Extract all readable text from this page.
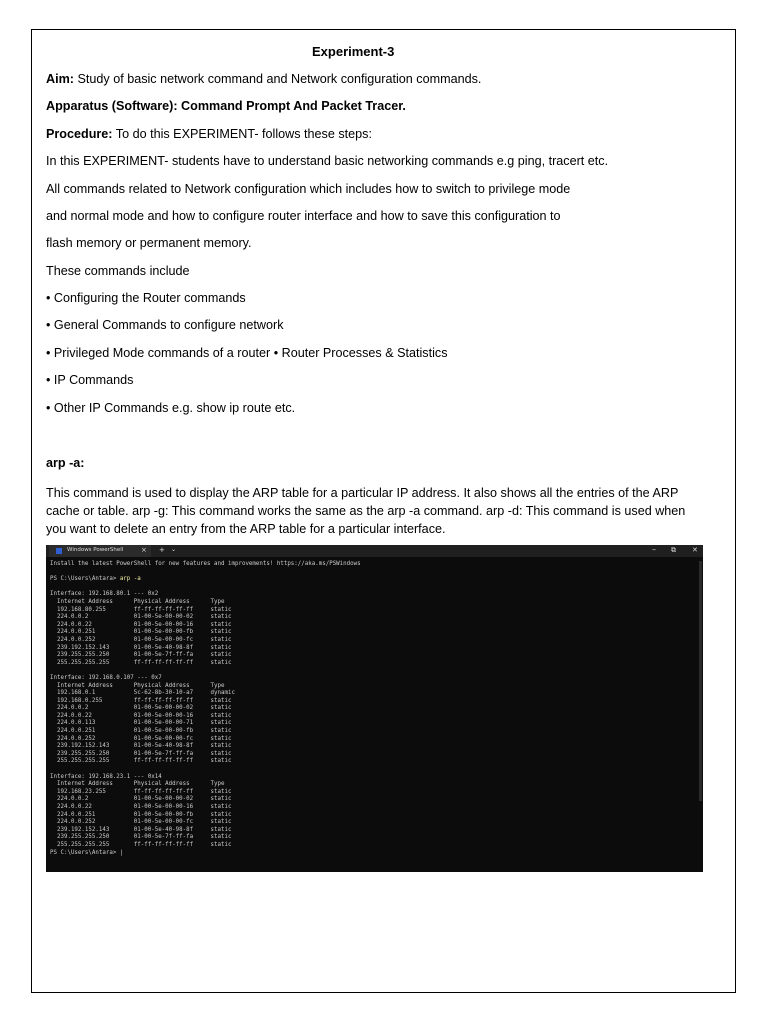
Experiment-3

Aim: Study of basic network command and Network configuration commands.

Apparatus (Software): Command Prompt And Packet Tracer.

Procedure: To do this EXPERIMENT- follows these steps:

In this EXPERIMENT- students have to understand basic networking commands e.g ping, tracert etc.

All commands related to Network configuration which includes how to switch to privilege mode

and normal mode and how to configure router interface and how to save this configuration to

flash memory or permanent memory.

These commands include

• Configuring the Router commands

• General Commands to configure network

• Privileged Mode commands of a router • Router Processes & Statistics

• IP Commands

• Other IP Commands e.g. show ip route etc.

arp -a:

This command is used to display the ARP table for a particular IP address. It also shows all the entries of the ARP cache or table. arp -g: This command works the same as the arp -a command. arp -d: This command is used when you want to delete an entry from the ARP table for a particular interface.

Windows PowerShell	× + ⌄	– ⧉ ✕
Install the latest PowerShell for new features and improvements! https://aka.ms/PSWindows

PS C:\Users\Antara> arp -a

Interface: 192.168.80.1 --- 0x2
Internet Address      Physical Address      Type
192.168.80.255        ff-ff-ff-ff-ff-ff     static
224.0.0.2             01-00-5e-00-00-02     static
224.0.0.22            01-00-5e-00-00-16     static
224.0.0.251           01-00-5e-00-00-fb     static
224.0.0.252           01-00-5e-00-00-fc     static
239.192.152.143       01-00-5e-40-98-8f     static
239.255.255.250       01-00-5e-7f-ff-fa     static
255.255.255.255       ff-ff-ff-ff-ff-ff     static

Interface: 192.168.0.107 --- 0x7
Internet Address      Physical Address      Type
192.168.0.1           5c-62-8b-30-10-a7     dynamic
192.168.0.255         ff-ff-ff-ff-ff-ff     static
224.0.0.2             01-00-5e-00-00-02     static
224.0.0.22            01-00-5e-00-00-16     static
224.0.0.113           01-00-5e-00-00-71     static
224.0.0.251           01-00-5e-00-00-fb     static
224.0.0.252           01-00-5e-00-00-fc     static
239.192.152.143       01-00-5e-40-98-8f     static
239.255.255.250       01-00-5e-7f-ff-fa     static
255.255.255.255       ff-ff-ff-ff-ff-ff     static

Interface: 192.168.23.1 --- 0x14
Internet Address      Physical Address      Type
192.168.23.255        ff-ff-ff-ff-ff-ff     static
224.0.0.2             01-00-5e-00-00-02     static
224.0.0.22            01-00-5e-00-00-16     static
224.0.0.251           01-00-5e-00-00-fb     static
224.0.0.252           01-00-5e-00-00-fc     static
239.192.152.143       01-00-5e-40-98-8f     static
239.255.255.250       01-00-5e-7f-ff-fa     static
255.255.255.255       ff-ff-ff-ff-ff-ff     static
PS C:\Users\Antara> |
